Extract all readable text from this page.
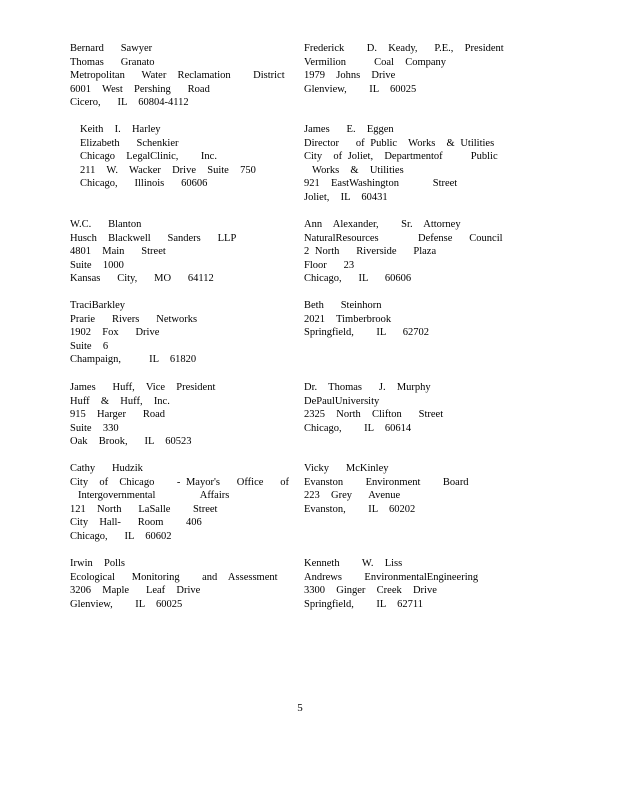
Bernard   Sawyer
Thomas   Granato
Metropolitan   Water  Reclamation    District
6001  West  Pershing   Road
Cicero,   IL  60804-4112
Keith  I.  Harley
Elizabeth   Schenkier
Chicago  LegalClinic,    Inc.
211  W.  Wacker  Drive  Suite  750
Chicago,   Illinois   60606
W.C.   Blanton
Husch  Blackwell   Sanders   LLP
4801  Main   Street
Suite  1000
Kansas   City,   MO   64112
TraciBarkley
Prarie   Rivers   Networks
1902  Fox   Drive
Suite  6
Champaign,     IL  61820
James   Huff,  Vice  President
Huff  &  Huff,  Inc.
915  Harger   Road
Suite  330
Oak  Brook,   IL  60523
Cathy   Hudzik
City  of  Chicago    - Mayor's   Office   of
Intergovernmental        Affairs
121  North   LaSalle    Street
City  Hall-   Room    406
Chicago,   IL  60602
Irwin  Polls
Ecological   Monitoring    and  Assessment
3206  Maple   Leaf  Drive
Glenview,    IL  60025
Frederick    D.  Keady,   P.E.,  President
Vermilion     Coal  Company
1979  Johns  Drive
Glenview,    IL  60025
James   E.  Eggen
Director   of Public  Works  & Utilities
City  of Joliet,  Departmentof     Public
Works  &  Utilities
921  EastWashington      Street
Joliet,  IL  60431
Ann  Alexander,    Sr.  Attorney
NaturalResources       Defense   Council
2 North   Riverside   Plaza
Floor   23
Chicago,   IL   60606
Beth   Steinhorn
2021  Timberbrook
Springfield,    IL   62702
Dr.  Thomas   J.  Murphy
DePaulUniversity
2325  North  Clifton   Street
Chicago,    IL  60614
Vicky   McKinley
Evanston    Environment    Board
223  Grey   Avenue
Evanston,    IL  60202
Kenneth    W.  Liss
Andrews    EnvironmentalEngineering
3300  Ginger  Creek  Drive
Springfield,    IL  62711
5
